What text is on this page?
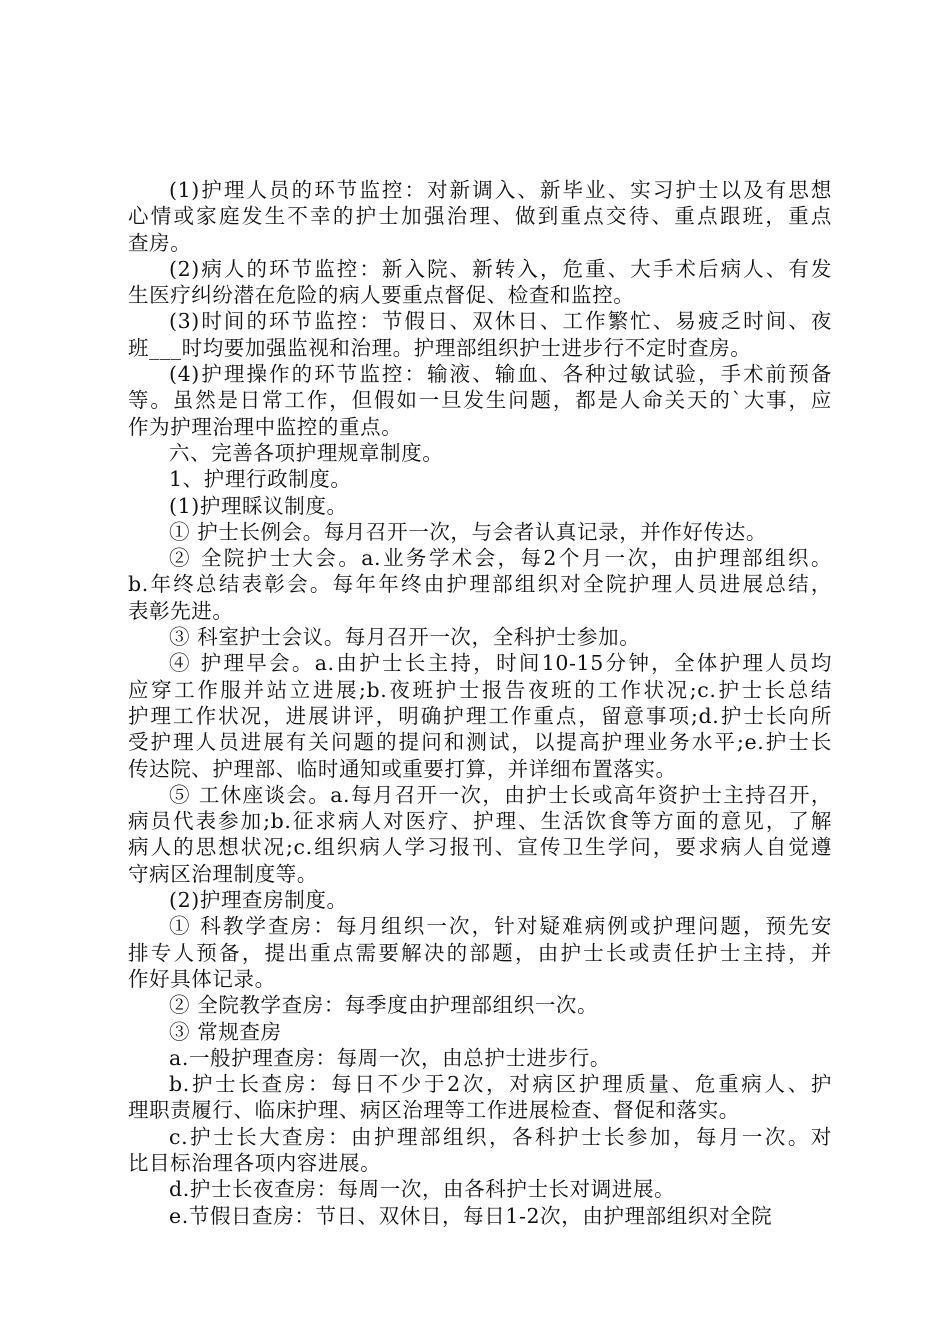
(1)护理人员的环节监控：对新调入、新毕业、实习护士以及有思想
心情或家庭发生不幸的护士加强治理、做到重点交待、重点跟班，重点
查房。
(2)病人的环节监控：新入院、新转入，危重、大手术后病人、有发
生医疗纠纷潜在危险的病人要重点督促、检查和监控。
(3)时间的环节监控：节假日、双休日、工作繁忙、易疲乏时间、夜
班___时均要加强监视和治理。护理部组织护士进步行不定时查房。
(4)护理操作的环节监控：输液、输血、各种过敏试验，手术前预备
等。虽然是日常工作，但假如一旦发生问题，都是人命关天的`大事，应
作为护理治理中监控的重点。
六、完善各项护理规章制度。
1、护理行政制度。
(1)护理睬议制度。
① 护士长例会。每月召开一次，与会者认真记录，并作好传达。
② 全院护士大会。a.业务学术会，每2个月一次，由护理部组织。
b.年终总结表彰会。每年年终由护理部组织对全院护理人员进展总结，
表彰先进。
③ 科室护士会议。每月召开一次，全科护士参加。
④ 护理早会。a.由护士长主持，时间10-15分钟，全体护理人员均
应穿工作服并站立进展;b.夜班护士报告夜班的工作状况;c.护士长总结
护理工作状况，进展讲评，明确护理工作重点，留意事项;d.护士长向所
受护理人员进展有关问题的提问和测试，以提高护理业务水平;e.护士长
传达院、护理部、临时通知或重要打算，并详细布置落实。
⑤ 工休座谈会。a.每月召开一次，由护士长或高年资护士主持召开，
病员代表参加;b.征求病人对医疗、护理、生活饮食等方面的意见，了解
病人的思想状况;c.组织病人学习报刊、宣传卫生学问，要求病人自觉遵
守病区治理制度等。
(2)护理查房制度。
① 科教学查房：每月组织一次，针对疑难病例或护理问题，预先安
排专人预备，提出重点需要解决的部题，由护士长或责任护士主持，并
作好具体记录。
② 全院教学查房：每季度由护理部组织一次。
③ 常规查房
a.一般护理查房：每周一次，由总护士进步行。
b.护士长查房：每日不少于2次，对病区护理质量、危重病人、护
理职责履行、临床护理、病区治理等工作进展检查、督促和落实。
c.护士长大查房：由护理部组织，各科护士长参加，每月一次。对
比目标治理各项内容进展。
d.护士长夜查房：每周一次，由各科护士长对调进展。
e.节假日查房：节日、双休日，每日1-2次，由护理部组织对全院
